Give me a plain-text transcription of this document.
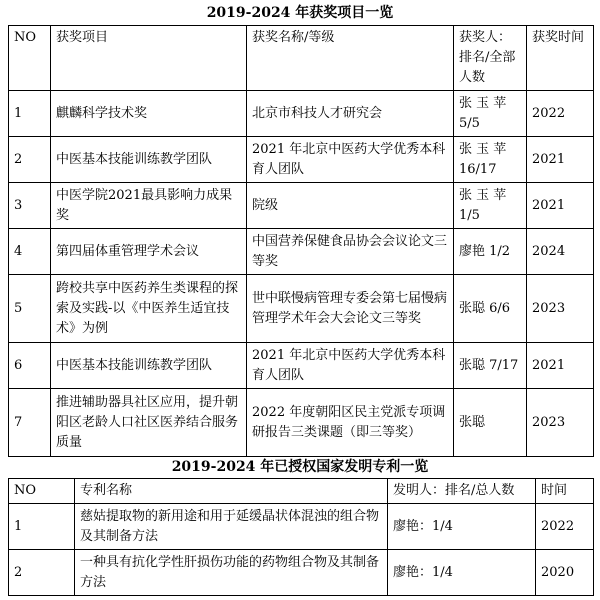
2019-2024 年获奖项目一览
NO	获奖项目	获奖名称/等级	获奖人：排名/全部人数	获奖时间
1	麒麟科学技术奖	北京市科技人才研究会	张 玉 苹 5/5	2022
2	中医基本技能训练教学团队	2021 年北京中医药大学优秀本科育人团队	张 玉 苹 16/17	2021
3	中医学院2021最具影响力成果奖	院级	张 玉 苹 1/5	2021
4	第四届体重管理学术会议	中国营养保健食品协会会议论文三等奖	廖艳 1/2	2024
5	跨校共享中医药养生类课程的探索及实践-以《中医养生适宜技术》为例	世中联慢病管理专委会第七届慢病管理学术年会大会论文三等奖	张聪 6/6	2023
6	中医基本技能训练教学团队	2021 年北京中医药大学优秀本科育人团队	张聪 7/17	2021
7	推进辅助器具社区应用，提升朝阳区老龄人口社区医养结合服务质量	2022 年度朝阳区民主党派专项调研报告三类课题（即三等奖）	张聪	2023
2019-2024 年已授权国家发明专利一览
NO	专利名称	发明人：排名/总人数	时间
1	慈姑提取物的新用途和用于延缓晶状体混浊的组合物及其制备方法	廖艳：1/4	2022
2	一种具有抗化学性肝损伤功能的药物组合物及其制备方法	廖艳：1/4	2020
